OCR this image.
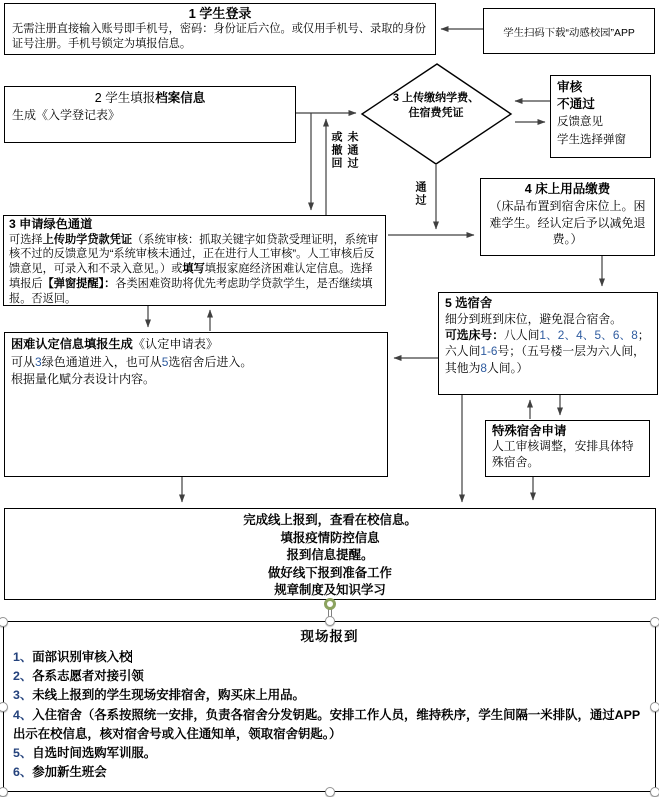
1 学生登录
无需注册直接输入账号即手机号，密码：身份证后六位。或仅用手机号、录取的身份证号注册。手机号锁定为填报信息。
学生扫码下载“动感校园”APP
2 学生填报档案信息
生成《入学登记表》
审核
不通过
反馈意见
学生选择弹窗
3 申请绿色通道
可选择上传助学贷款凭证（系统审核：抓取关键字如贷款受理证明，系统审核不过的反馈意见为“系统审核未通过，正在进行人工审核”。人工审核后反馈意见，可录入和不录入意见。）或填写填报家庭经济困难认定信息。选择填报后【弹窗提醒】：各类困难资助将优先考虑助学贷款学生，是否继续填报。否返回。
4 床上用品缴费
（床品布置到宿舍床位上。困难学生。经认定后予以减免退费。）
5 选宿舍
细分到班到床位，避免混合宿舍。
可选床号：八人间1、2、4、5、6、8；六人间1-6号；（五号楼一层为六人间，其他为8人间。）
困难认定信息填报生成《认定申请表》
可从3绿色通道进入，也可从5选宿舍后进入。
根据量化赋分表设计内容。
特殊宿舍申请
人工审核调整，安排具体特殊宿舍。
完成线上报到，查看在校信息。
填报疫情防控信息
报到信息提醒。
做好线下报到准备工作
规章制度及知识学习
现场报到
1、面部识别审核入校
2、各系志愿者对接引领
3、未线上报到的学生现场安排宿舍，购买床上用品。
4、入住宿舍（各系按照统一安排，负责各宿舍分发钥匙。安排工作人员，维持秩序，学生间隔一米排队，通过APP出示在校信息，核对宿舍号或入住通知单，领取宿舍钥匙。）
5、自选时间选购军训服。
6、参加新生班会
3 上传缴纳学费、
住宿费凭证
或撤回 未通过
通过
